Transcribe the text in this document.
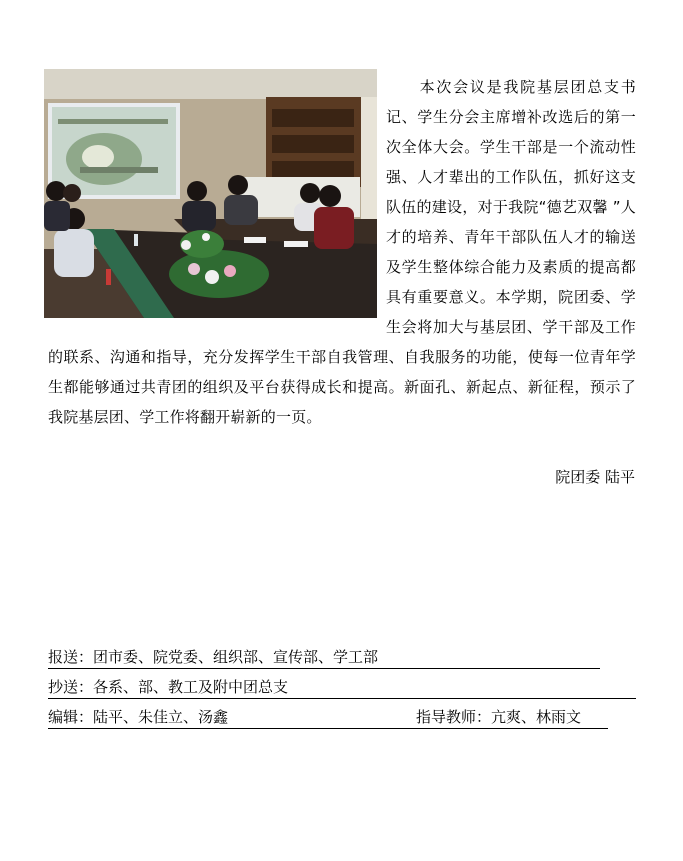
本次会议是我院基层团总支书记、学生分会主席增补改选后的第一次全体大会。学生干部是一个流动性强、人才辈出的工作队伍，抓好这支队伍的建设，对于我院“德艺双馨 ”人才的培养、青年干部队伍人才的输送及学生整体综合能力及素质的提高都具有重要意义。本学期，院团委、学生会将加大与基层团、学干部及工作的联系、沟通和指导，充分发挥学生干部自我管理、自我服务的功能，使每一位青年学生都能够通过共青团的组织及平台获得成长和提高。新面孔、新起点、新征程，预示了我院基层团、学工作将翻开崭新的一页。

院团委 陆平
报送：团市委、院党委、组织部、宣传部、学工部
抄送：各系、部、教工及附中团总支
编辑：陆平、朱佳立、汤鑫	指导教师：亢爽、林雨文
